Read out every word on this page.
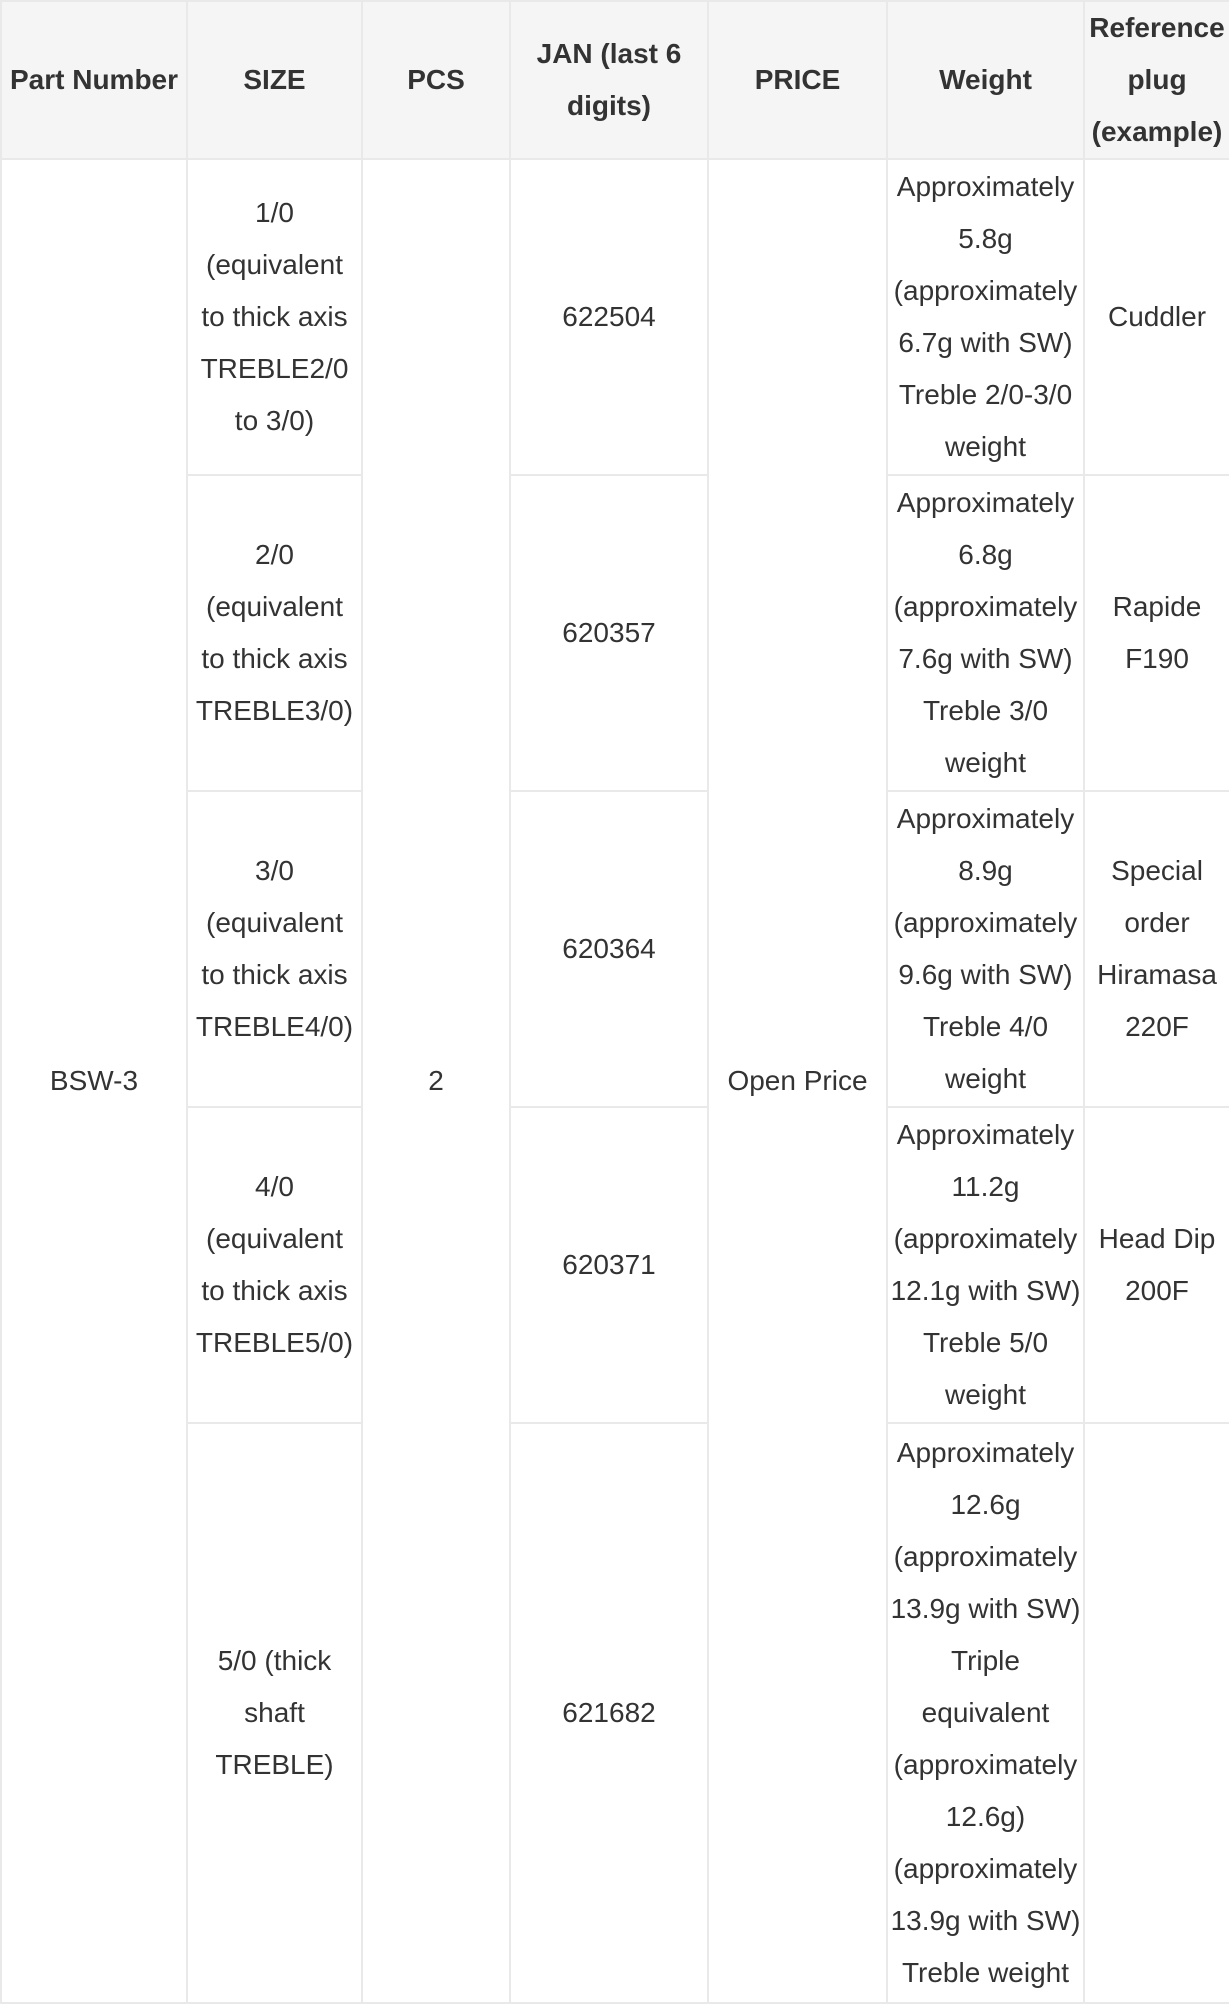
Part Number	SIZE	PCS	JAN (last 6 digits)	PRICE	Weight	Reference plug (example)
BSW-3	1/0 (equivalent to thick axis TREBLE2/0 to 3/0)	2	622504	Open Price	Approximately 5.8g (approximately 6.7g with SW) Treble 2/0-3/0 weight	Cuddler
	2/0 (equivalent to thick axis TREBLE3/0)		620357		Approximately 6.8g (approximately 7.6g with SW) Treble 3/0 weight	Rapide F190
	3/0 (equivalent to thick axis TREBLE4/0)		620364		Approximately 8.9g (approximately 9.6g with SW) Treble 4/0 weight	Special order Hiramasa 220F
	4/0 (equivalent to thick axis TREBLE5/0)		620371		Approximately 11.2g (approximately 12.1g with SW) Treble 5/0 weight	Head Dip 200F
	5/0 (thick shaft TREBLE)		621682		Approximately 12.6g (approximately 13.9g with SW) Triple equivalent (approximately 12.6g) (approximately 13.9g with SW) Treble weight	
